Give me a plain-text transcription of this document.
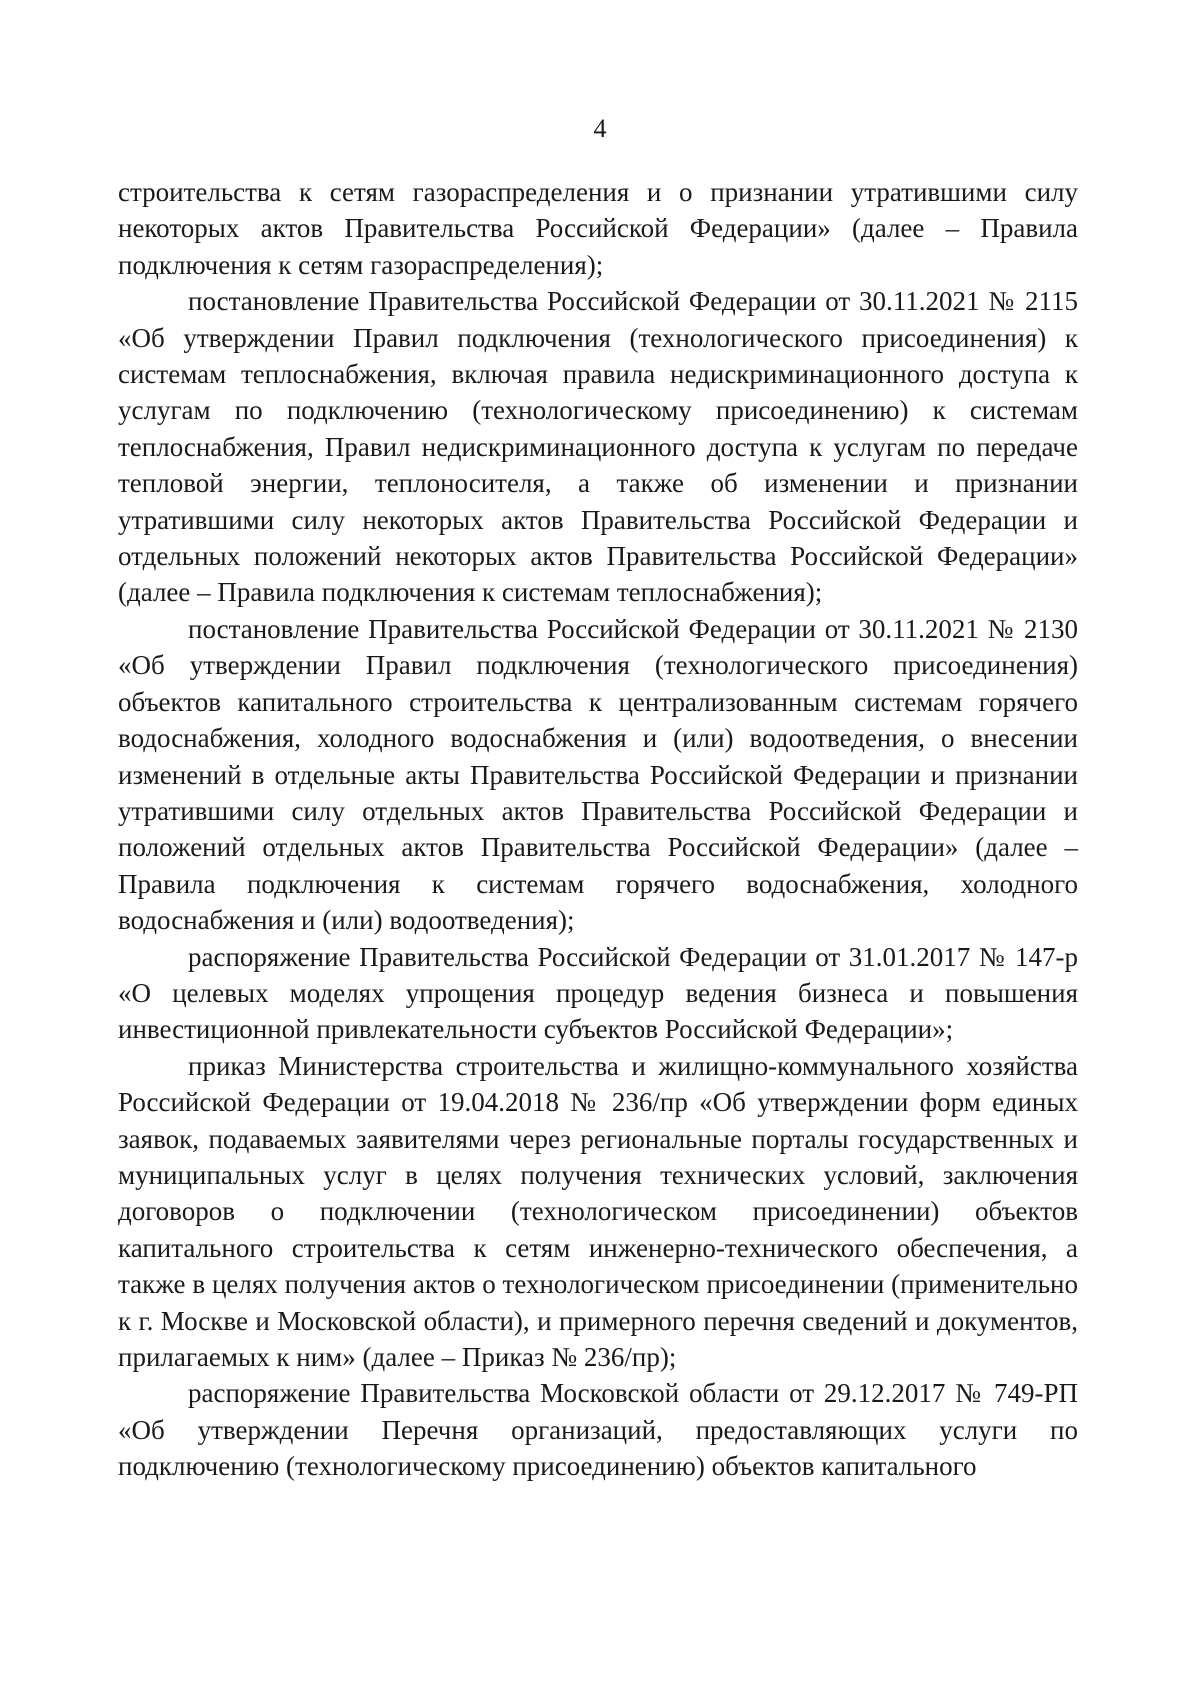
4

строительства к сетям газораспределения и о признании утратившими силу некоторых актов Правительства Российской Федерации» (далее – Правила подключения к сетям газораспределения);

постановление Правительства Российской Федерации от 30.11.2021 № 2115 «Об утверждении Правил подключения (технологического присоединения) к системам теплоснабжения, включая правила недискриминационного доступа к услугам по подключению (технологическому присоединению) к системам теплоснабжения, Правил недискриминационного доступа к услугам по передаче тепловой энергии, теплоносителя, а также об изменении и признании утратившими силу некоторых актов Правительства Российской Федерации и отдельных положений некоторых актов Правительства Российской Федерации» (далее – Правила подключения к системам теплоснабжения);

постановление Правительства Российской Федерации от 30.11.2021 № 2130 «Об утверждении Правил подключения (технологического присоединения) объектов капитального строительства к централизованным системам горячего водоснабжения, холодного водоснабжения и (или) водоотведения, о внесении изменений в отдельные акты Правительства Российской Федерации и признании утратившими силу отдельных актов Правительства Российской Федерации и положений отдельных актов Правительства Российской Федерации» (далее – Правила подключения к системам горячего водоснабжения, холодного водоснабжения и (или) водоотведения);

распоряжение Правительства Российской Федерации от 31.01.2017 № 147-р «О целевых моделях упрощения процедур ведения бизнеса и повышения инвестиционной привлекательности субъектов Российской Федерации»;

приказ Министерства строительства и жилищно-коммунального хозяйства Российской Федерации от 19.04.2018 № 236/пр «Об утверждении форм единых заявок, подаваемых заявителями через региональные порталы государственных и муниципальных услуг в целях получения технических условий, заключения договоров о подключении (технологическом присоединении) объектов капитального строительства к сетям инженерно-технического обеспечения, а также в целях получения актов о технологическом присоединении (применительно к г. Москве и Московской области), и примерного перечня сведений и документов, прилагаемых к ним» (далее – Приказ № 236/пр);

распоряжение Правительства Московской области от 29.12.2017 № 749-РП «Об утверждении Перечня организаций, предоставляющих услуги по подключению (технологическому присоединению) объектов капитального
